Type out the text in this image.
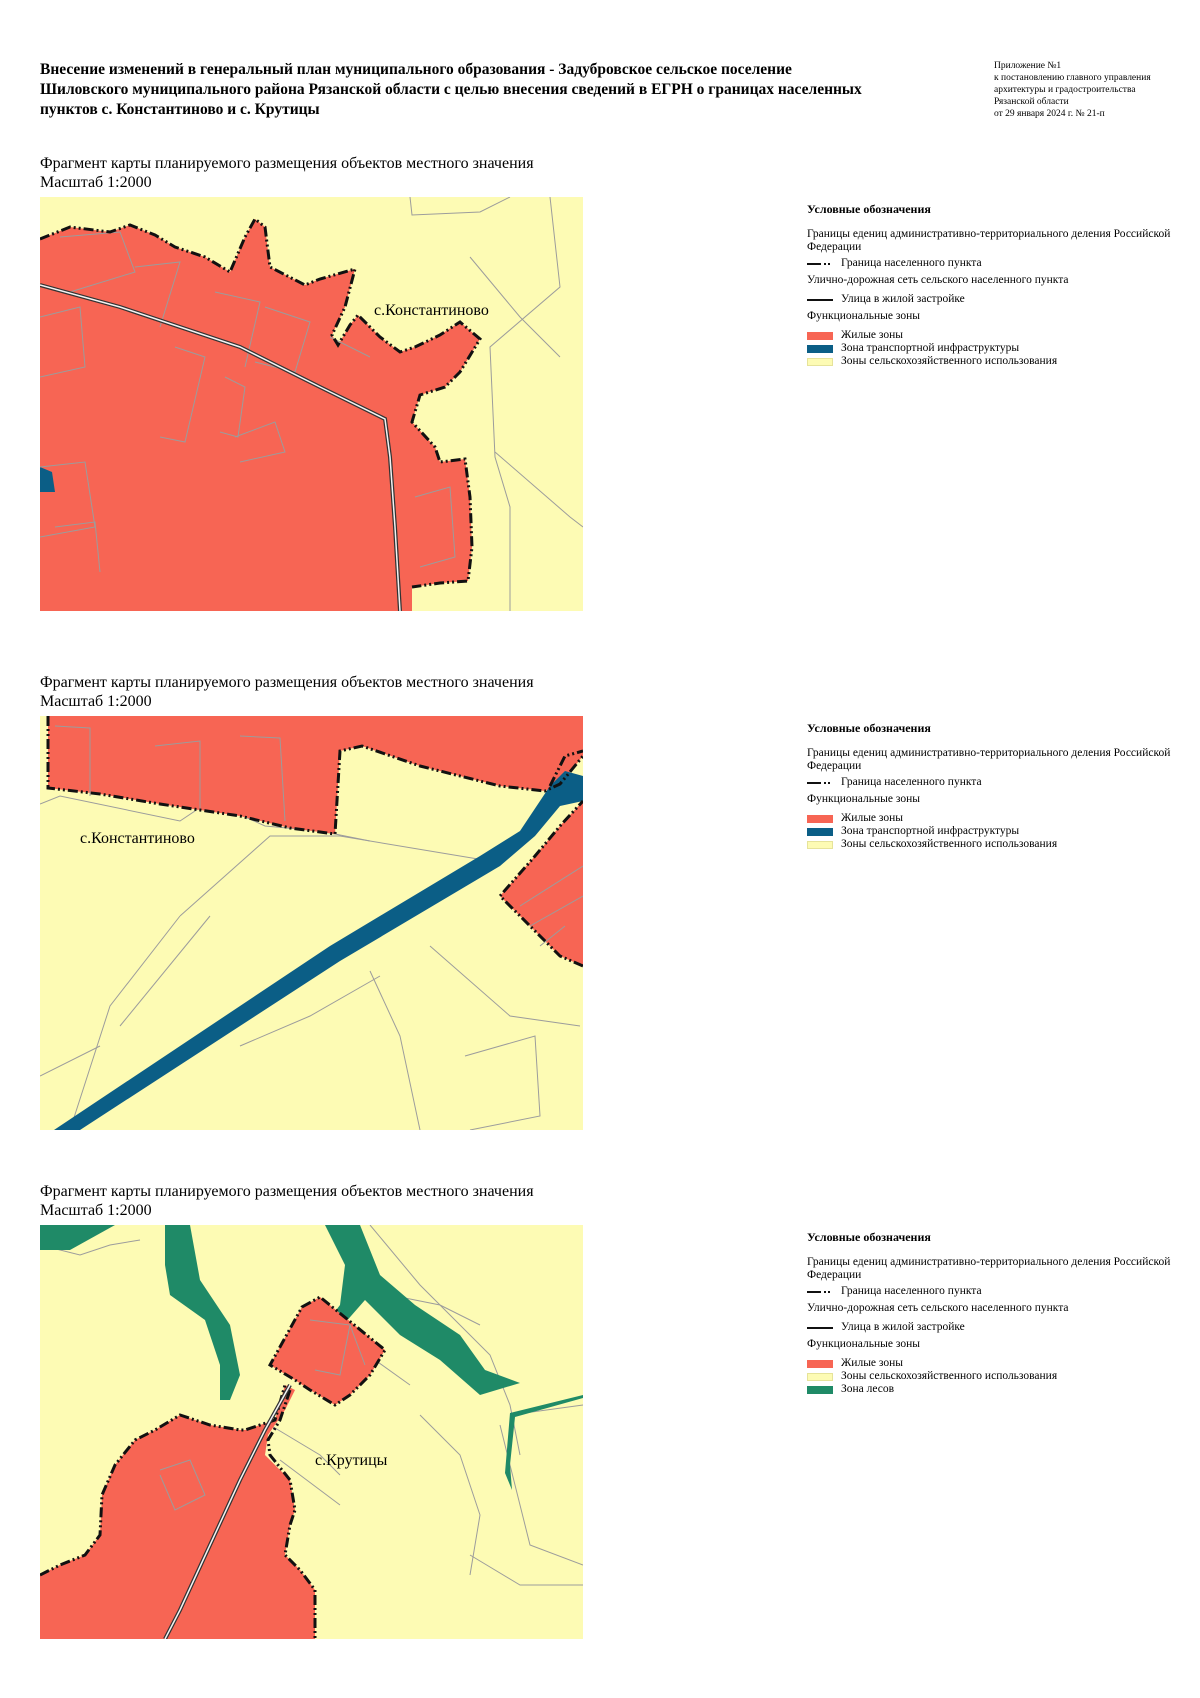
Внесение изменений в генеральный план муниципального образования - Задубровское сельское поселение
Шиловского муниципального района Рязанской области с целью внесения сведений в ЕГРН о границах населенных
пунктов с. Констaнтиново и с. Крутицы
Приложение №1
к постановлению главного управления
архитектуры и градостроительства
Рязанской области
от 29 января 2024 г. № 21-п
Фрагмент карты планируемого размещения объектов местного значения
Масштаб 1:2000
с.Констaнтиново
Условные обозначения
Границы едениц административно-территориального деления Российской Федерации
Граница населенного пункта
Улично-дорожная сеть сельского населенного пункта
Улица в жилой застройке
Функциональные зоны
Жилые зоны
Зона транспортной инфраструктуры
Зоны сельскохозяйственного использования
Фрагмент карты планируемого размещения объектов местного значения
Масштаб 1:2000
с.Констaнтиново
Условные обозначения
Границы едениц административно-территориального деления Российской Федерации
Граница населенного пункта
Функциональные зоны
Жилые зоны
Зона транспортной инфраструктуры
Зоны сельскохозяйственного использования
Фрагмент карты планируемого размещения объектов местного значения
Масштаб 1:2000
с.Крутицы
Условные обозначения
Границы едениц административно-территориального деления Российской Федерации
Граница населенного пункта
Улично-дорожная сеть сельского населенного пункта
Улица в жилой застройке
Функциональные зоны
Жилые зоны
Зоны сельскохозяйственного использования
Зона лесов
